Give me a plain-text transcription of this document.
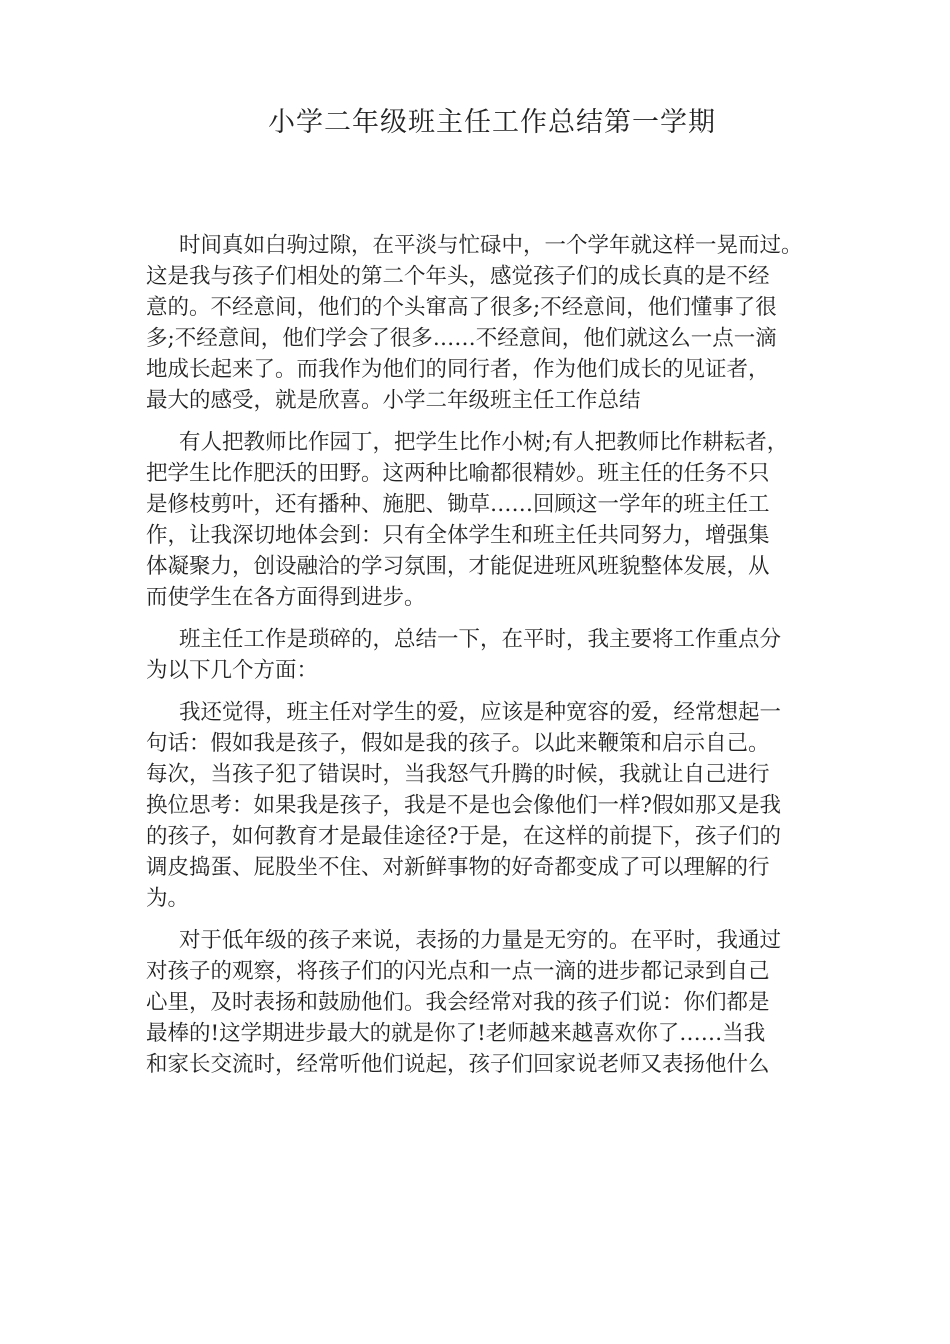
小学二年级班主任工作总结第一学期

时间真如白驹过隙，在平淡与忙碌中，一个学年就这样一晃而过。
这是我与孩子们相处的第二个年头，感觉孩子们的成长真的是不经
意的。不经意间，他们的个头窜高了很多;不经意间，他们懂事了很
多;不经意间，他们学会了很多……不经意间，他们就这么一点一滴
地成长起来了。而我作为他们的同行者，作为他们成长的见证者，
最大的感受，就是欣喜。小学二年级班主任工作总结

有人把教师比作园丁，把学生比作小树;有人把教师比作耕耘者，
把学生比作肥沃的田野。这两种比喻都很精妙。班主任的任务不只
是修枝剪叶，还有播种、施肥、锄草……回顾这一学年的班主任工
作，让我深切地体会到：只有全体学生和班主任共同努力，增强集
体凝聚力，创设融洽的学习氛围，才能促进班风班貌整体发展，从
而使学生在各方面得到进步。

班主任工作是琐碎的，总结一下，在平时，我主要将工作重点分
为以下几个方面：

我还觉得，班主任对学生的爱，应该是种宽容的爱，经常想起一
句话：假如我是孩子，假如是我的孩子。以此来鞭策和启示自己。
每次，当孩子犯了错误时，当我怒气升腾的时候，我就让自己进行
换位思考：如果我是孩子，我是不是也会像他们一样?假如那又是我
的孩子，如何教育才是最佳途径?于是，在这样的前提下，孩子们的
调皮捣蛋、屁股坐不住、对新鲜事物的好奇都变成了可以理解的行
为。

对于低年级的孩子来说，表扬的力量是无穷的。在平时，我通过
对孩子的观察，将孩子们的闪光点和一点一滴的进步都记录到自己
心里，及时表扬和鼓励他们。我会经常对我的孩子们说：你们都是
最棒的!这学期进步最大的就是你了!老师越来越喜欢你了……当我
和家长交流时，经常听他们说起，孩子们回家说老师又表扬他什么
